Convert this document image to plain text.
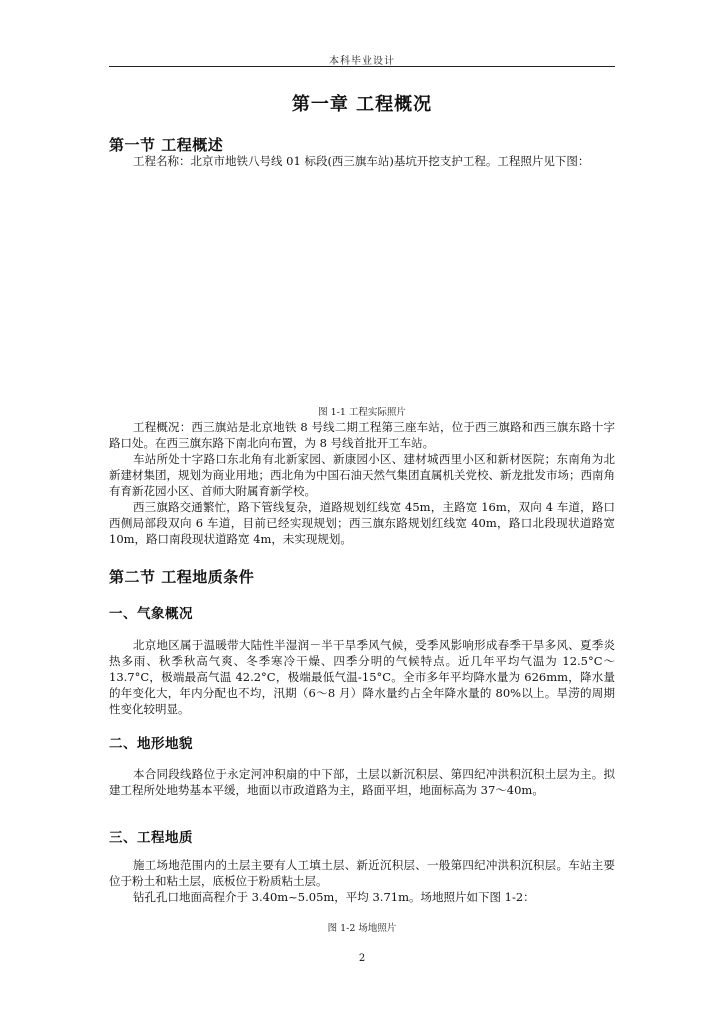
本科毕业设计
第一章 工程概况
第一节 工程概述

工程名称：北京市地铁八号线 01 标段(西三旗车站)基坑开挖支护工程。工程照片见下图：

图 1-1 工程实际照片

工程概况：西三旗站是北京地铁 8 号线二期工程第三座车站，位于西三旗路和西三旗东路十字路口处。在西三旗东路下南北向布置，为 8 号线首批开工车站。

车站所处十字路口东北角有北新家园、新康园小区、建材城西里小区和新材医院；东南角为北新建材集团，规划为商业用地；西北角为中国石油天然气集团直属机关党校、新龙批发市场；西南角有育新花园小区、首师大附属育新学校。

西三旗路交通繁忙，路下管线复杂，道路规划红线宽 45m，主路宽 16m，双向 4 车道，路口西侧局部段双向 6 车道，目前已经实现规划；西三旗东路规划红线宽 40m，路口北段现状道路宽 10m，路口南段现状道路宽 4m，未实现规划。

第二节 工程地质条件
一、气象概况

北京地区属于温暖带大陆性半湿润－半干旱季风气候，受季风影响形成春季干旱多风、夏季炎热多雨、秋季秋高气爽、冬季寒冷干燥、四季分明的气候特点。近几年平均气温为 12.5°C～13.7°C，极端最高气温 42.2°C，极端最低气温-15°C。全市多年平均降水量为 626mm，降水量的年变化大，年内分配也不均，汛期（6～8 月）降水量约占全年降水量的 80%以上。旱涝的周期性变化较明显。

二、地形地貌

本合同段线路位于永定河冲积扇的中下部，土层以新沉积层、第四纪冲洪积沉积土层为主。拟建工程所处地势基本平缓，地面以市政道路为主，路面平坦，地面标高为 37～40m。

三、工程地质

施工场地范围内的土层主要有人工填土层、新近沉积层、一般第四纪冲洪积沉积层。车站主要位于粉土和粘土层，底板位于粉质粘土层。

钻孔孔口地面高程介于 3.40m~5.05m，平均 3.71m。场地照片如下图 1-2：

图 1-2 场地照片
2
